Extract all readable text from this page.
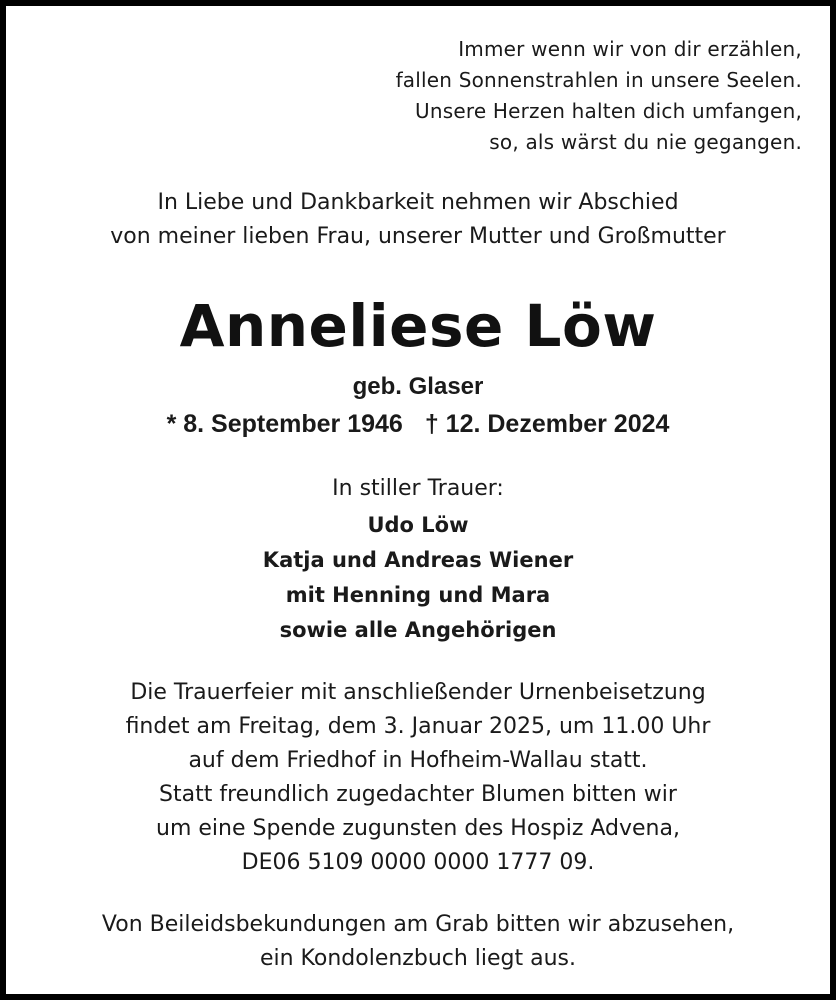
Immer wenn wir von dir erzählen,
fallen Sonnenstrahlen in unsere Seelen.
Unsere Herzen halten dich umfangen,
so, als wärst du nie gegangen.
In Liebe und Dankbarkeit nehmen wir Abschied
von meiner lieben Frau, unserer Mutter und Großmutter
Anneliese Löw
geb. Glaser
* 8. September 1946 † 12. Dezember 2024
In stiller Trauer:
Udo Löw
Katja und Andreas Wiener
mit Henning und Mara
sowie alle Angehörigen
Die Trauerfeier mit anschließender Urnenbeisetzung
findet am Freitag, dem 3. Januar 2025, um 11.00 Uhr
auf dem Friedhof in Hofheim-Wallau statt.
Statt freundlich zugedachter Blumen bitten wir
um eine Spende zugunsten des Hospiz Advena,
DE06 5109 0000 0000 1777 09.
Von Beileidsbekundungen am Grab bitten wir abzusehen,
ein Kondolenzbuch liegt aus.
